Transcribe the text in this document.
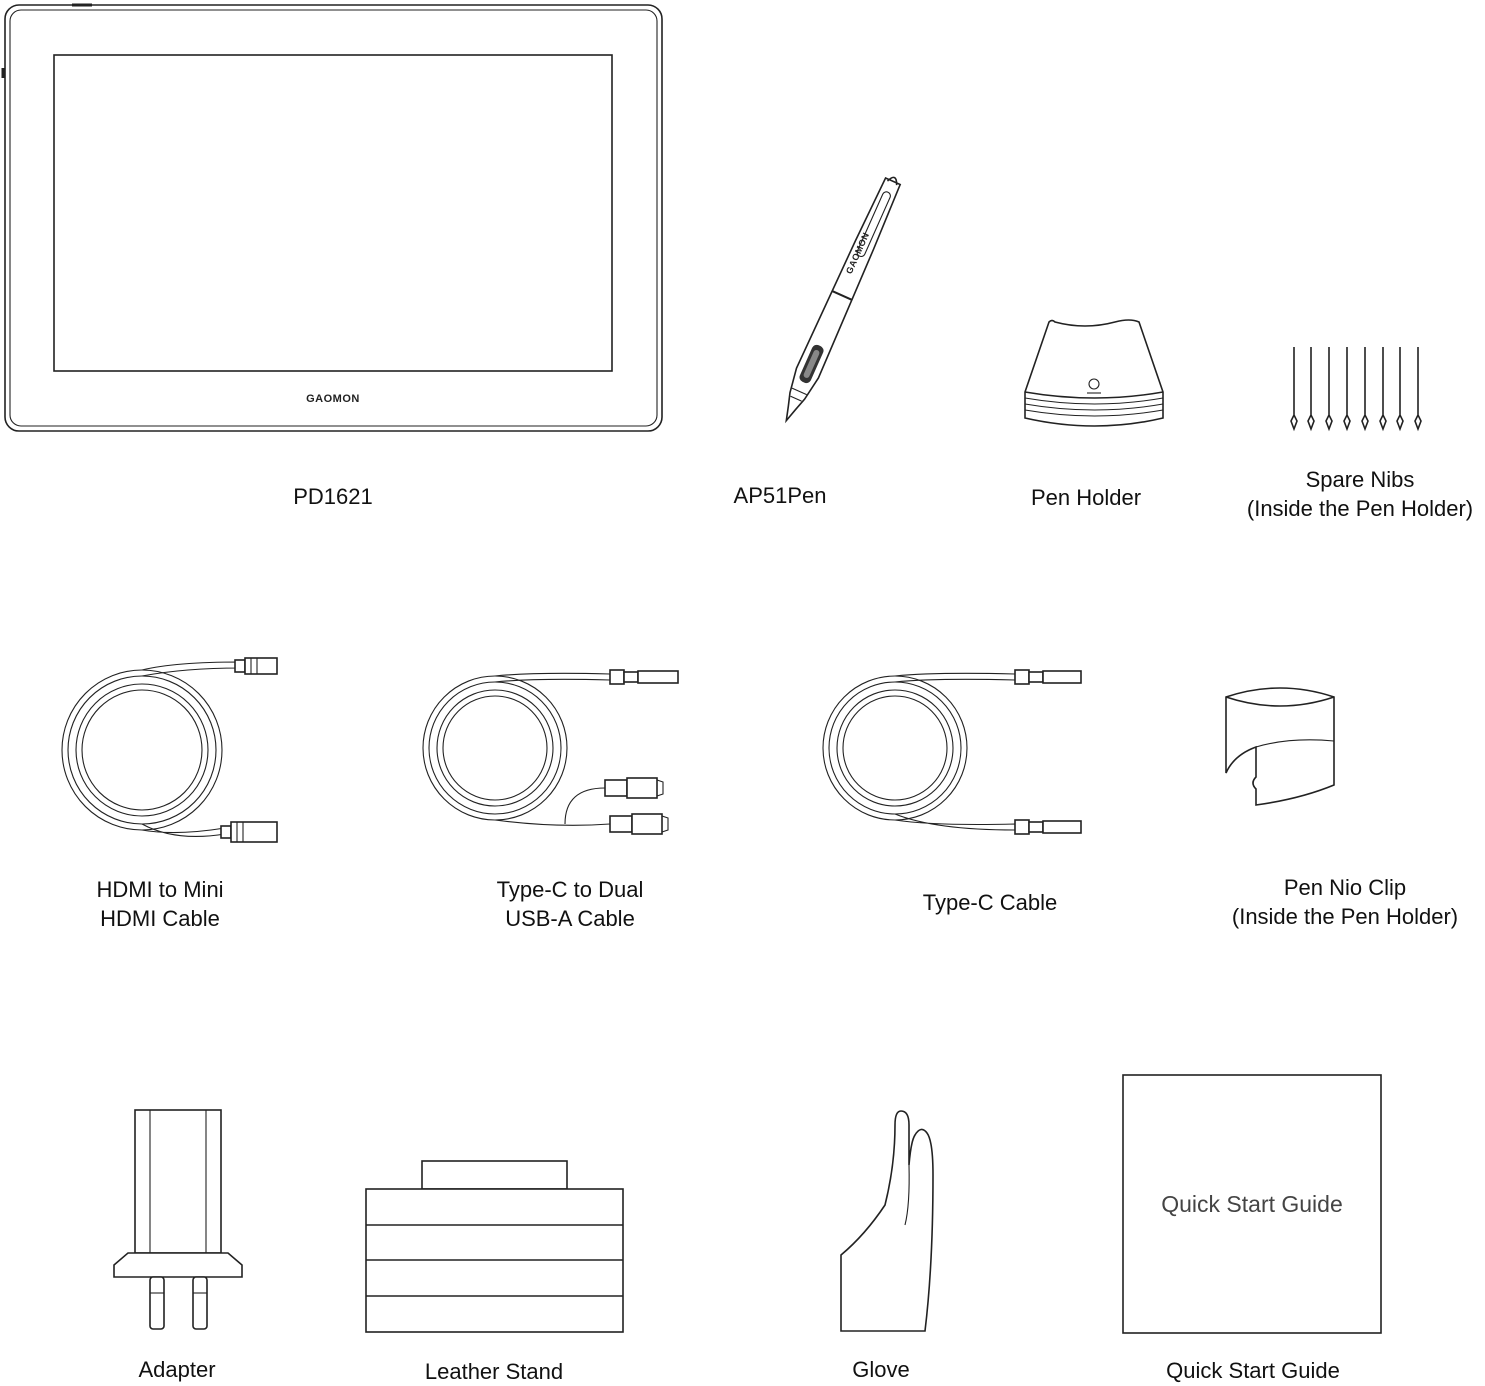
GAOMON
PD1621
GAOMON
AP51Pen	Pen Holder
Spare Nibs
(Inside the Pen Holder)
HDMI to Mini
HDMI Cable
Type-C to Dual
USB-A Cable
Type-C Cable
Pen Nio Clip
(Inside the Pen Holder)
Adapter	Leather Stand	Glove
Quick Start Guide
Quick Start Guide
